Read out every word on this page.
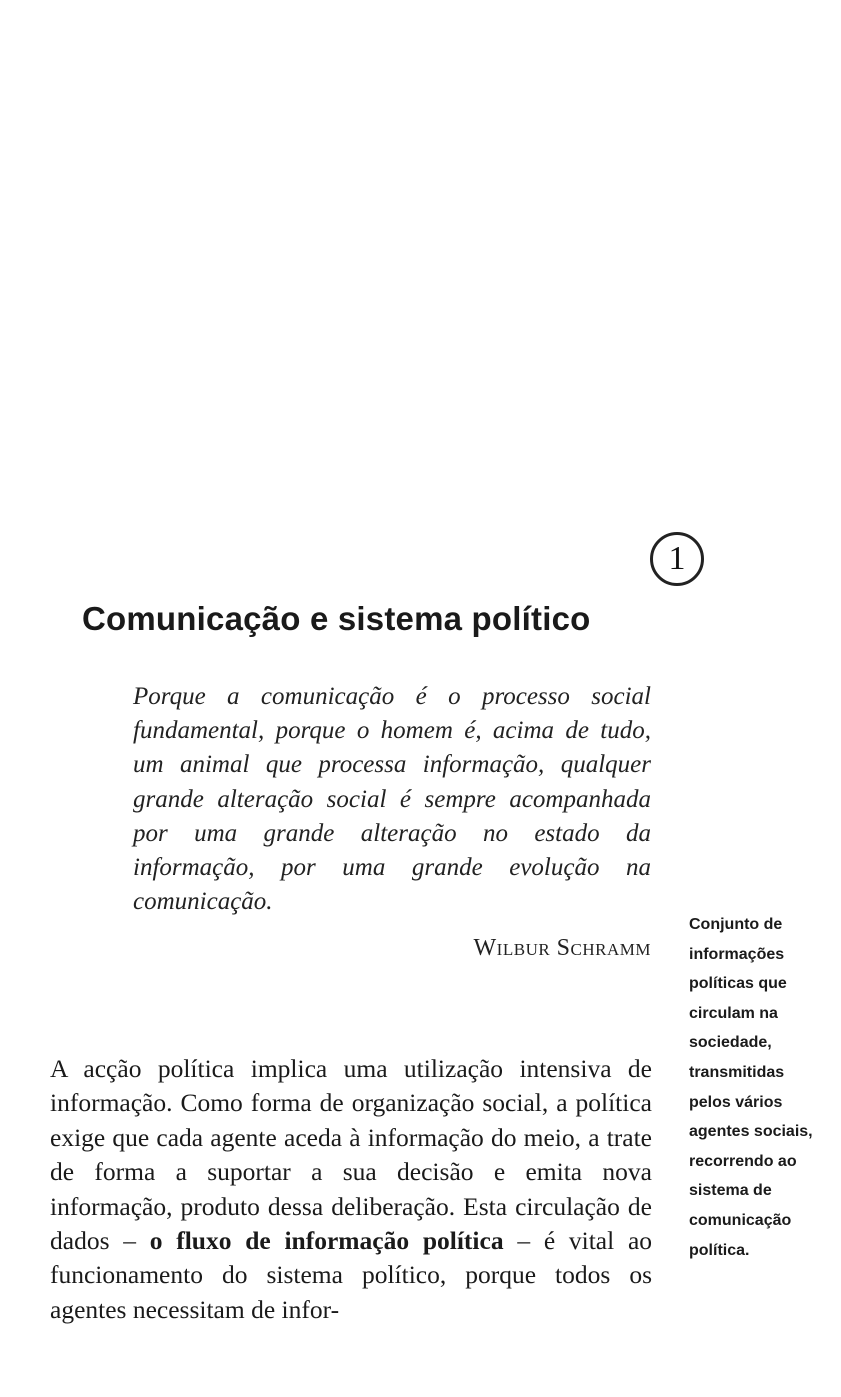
1
Comunicação e sistema político
Porque a comunicação é o processo social fundamental, porque o homem é, acima de tudo, um animal que processa informação, qualquer grande alteração social é sempre acompanhada por uma grande alteração no estado da informação, por uma grande evolução na comunicação.
Wilbur Schramm
A acção política implica uma utilização intensiva de informação. Como forma de organização social, a política exige que cada agente aceda à informação do meio, a trate de forma a suportar a sua decisão e emita nova informação, produto dessa deliberação. Esta circulação de dados – o fluxo de informação política – é vital ao funcionamento do sistema político, porque todos os agentes necessitam de infor-
Conjunto de informações políticas que circulam na sociedade, transmitidas pelos vários agentes sociais, recorrendo ao sistema de comunicação política.
